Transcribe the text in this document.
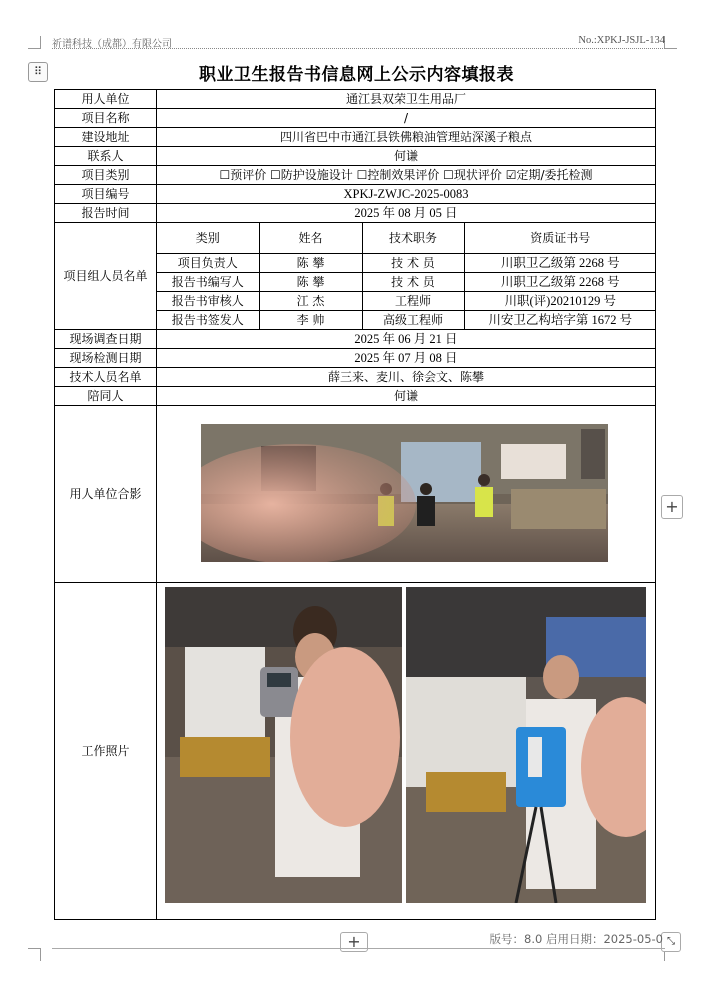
祈谱科技（成都）有限公司	No.:XPKJ-JSJL-134
⠿	职业卫生报告书信息网上公示内容填报表
用人单位	通江县双荣卫生用品厂
项目名称	/
建设地址	四川省巴中市通江县铁佛粮油管理站深溪子粮点
联系人	何谦
项目类别	☐预评价 ☐防护设施设计 ☐控制效果评价 ☐现状评价 ☑定期/委托检测
项目编号	XPKJ-ZWJC-2025-0083
报告时间	2025 年 08 月 05 日
项目组人员名单	
类别	姓名	技术职务	资质证书号
项目负责人	陈 攀	技 术 员	川职卫乙级第 2268 号
报告书编写人	陈 攀	技 术 员	川职卫乙级第 2268 号
报告书审核人	江 杰	工程师	川职(评)20210129 号
报告书签发人	李 帅	高级工程师	川安卫乙构培字第 1672 号

现场调查日期	2025 年 06 月 21 日
现场检测日期	2025 年 07 月 08 日
技术人员名单	薛三来、麦川、徐会文、陈攀
陪同人	何谦
用人单位合影	

工作照片	
+
+	⤡
版号：8.0 启用日期：2025-05-0
